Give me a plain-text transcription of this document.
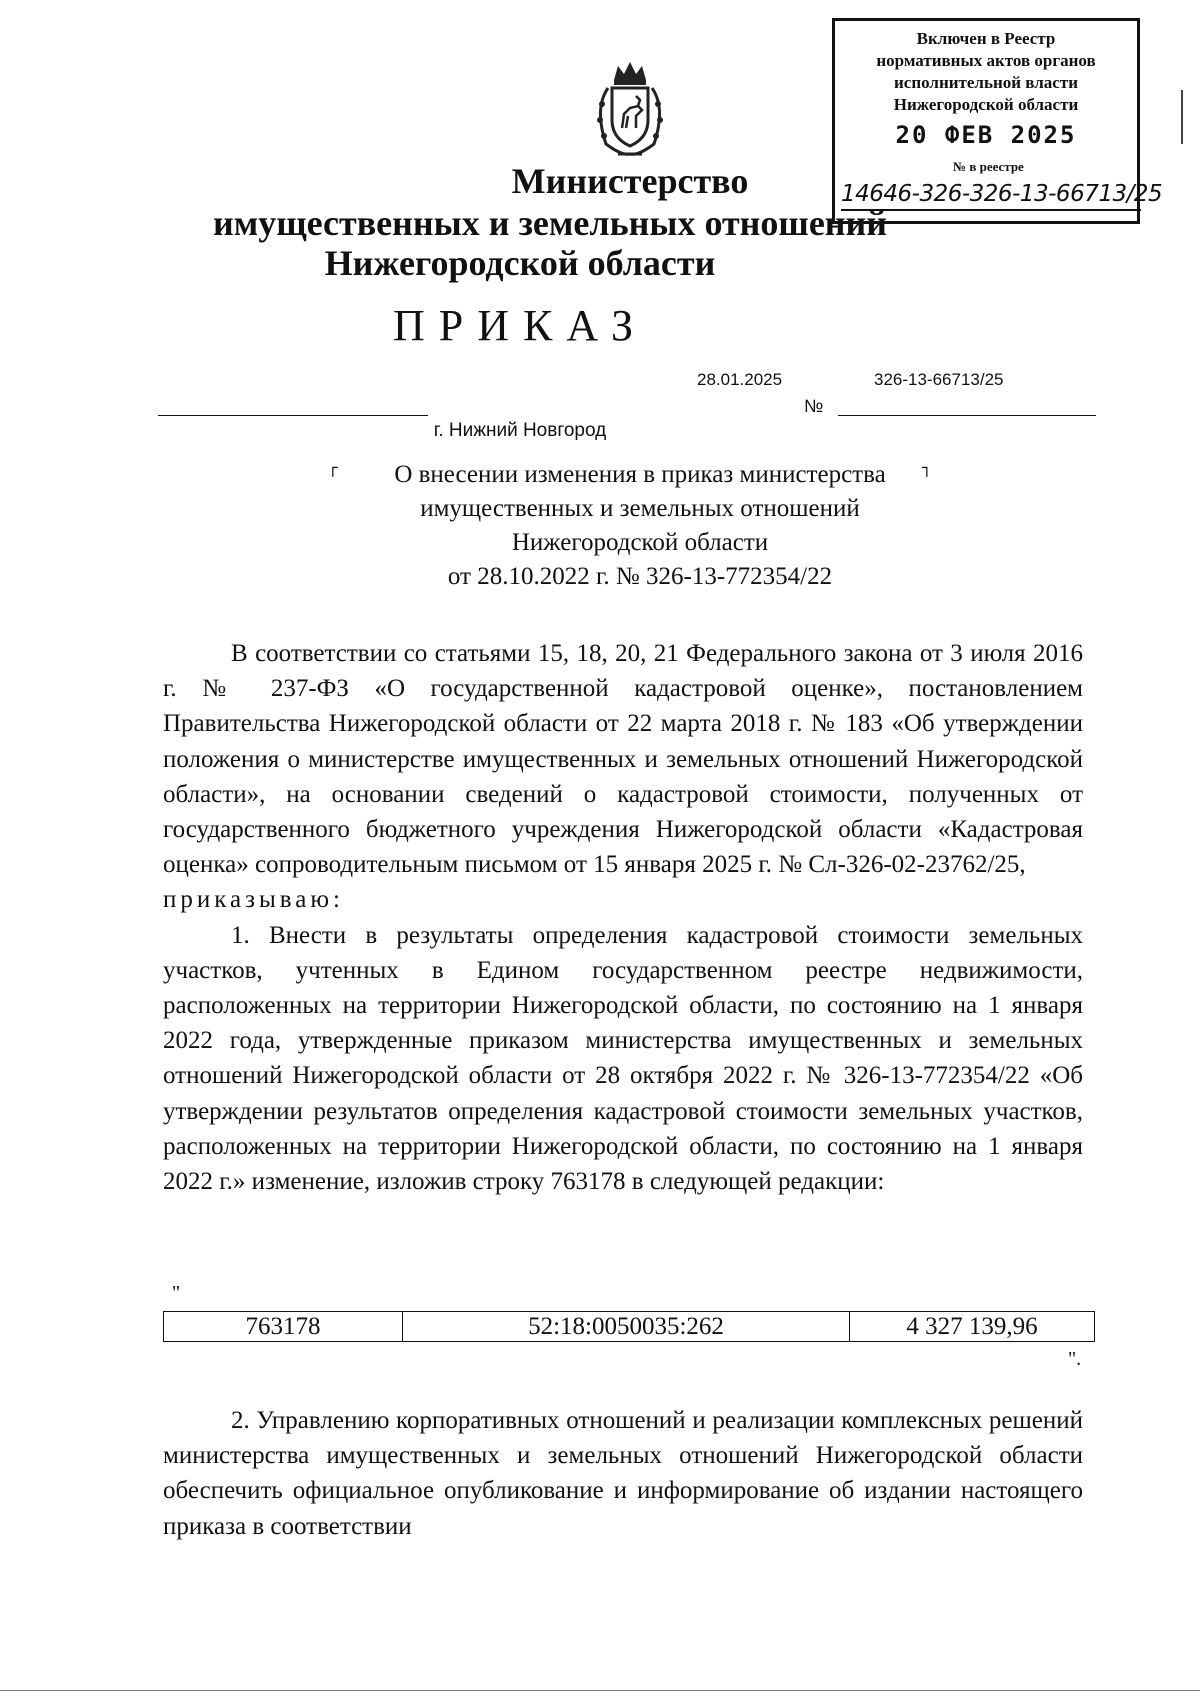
Включен в Реестр
нормативных актов органов
исполнительной власти
Нижегородской области
20 ФЕВ 2025
№ в реестре
14646-326-326-13-66713/25
Министерство
имущественных и земельных отношений
Нижегородской области
ПРИКАЗ
28.01.2025	326-13-66713/25
№
г. Нижний Новгород
┌	┐
О внесении изменения в приказ министерства
имущественных и земельных отношений
Нижегородской области
от 28.10.2022 г. № 326-13-772354/22

В соответствии со статьями 15, 18, 20, 21 Федерального закона от 3 июля 2016 г. № 237-ФЗ «О государственной кадастровой оценке», постановлением Правительства Нижегородской области от 22 марта 2018 г. № 183 «Об утверждении положения о министерстве имущественных и земельных отношений Нижегородской области», на основании сведений о кадастровой стоимости, полученных от государственного бюджетного учреждения Нижегородской области «Кадастровая оценка» сопроводительным письмом от 15 января 2025 г. № Сл-326-02-23762/25,

приказываю:

1. Внести в результаты определения кадастровой стоимости земельных участков, учтенных в Едином государственном реестре недвижимости, расположенных на территории Нижегородской области, по состоянию на 1 января 2022 года, утвержденные приказом министерства имущественных и земельных отношений Нижегородской области от 28 октября 2022 г. № 326-13-772354/22 «Об утверждении результатов определения кадастровой стоимости земельных участков, расположенных на территории Нижегородской области, по состоянию на 1 января 2022 г.» изменение, изложив строку 763178 в следующей редакции:

"
763178	52:18:0050035:262	4 327 139,96
".

2. Управлению корпоративных отношений и реализации комплексных решений министерства имущественных и земельных отношений Нижегородской области обеспечить официальное опубликование и информирование об издании настоящего приказа в соответствии
